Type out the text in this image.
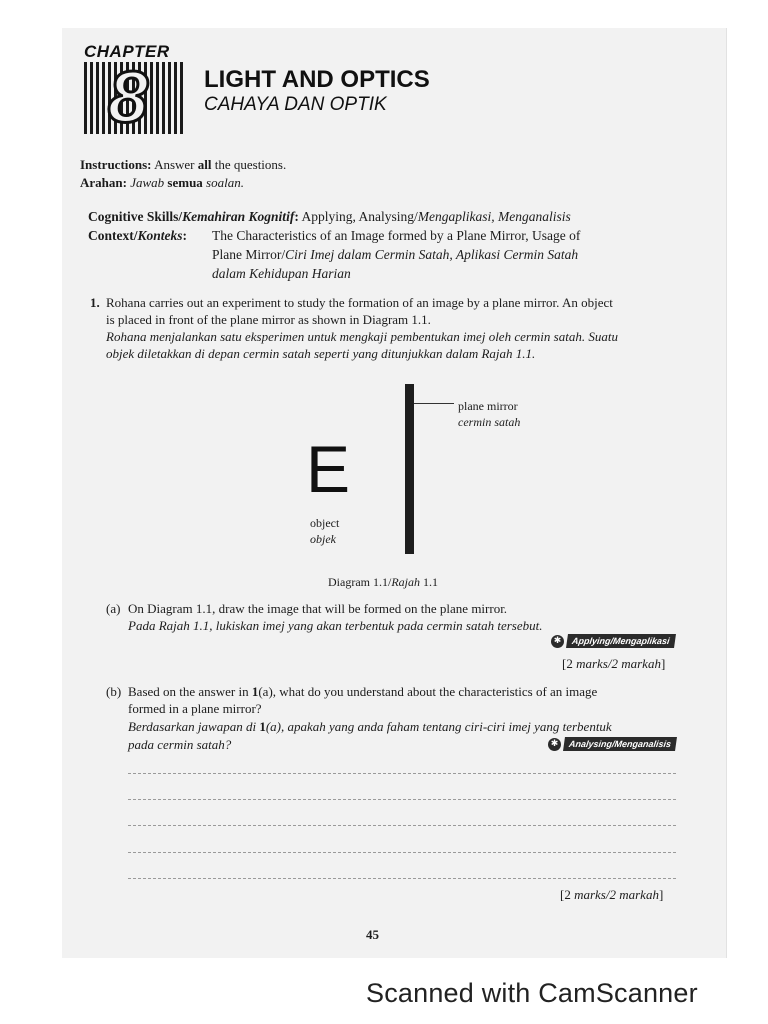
CHAPTER
8 LIGHT AND OPTICS
CAHAYA DAN OPTIK
Instructions: Answer all the questions.
Arahan: Jawab semua soalan.
Cognitive Skills/Kemahiran Kognitif: Applying, Analysing/Mengaplikasi, Menganalisis
Context/Konteks: The Characteristics of an Image formed by a Plane Mirror, Usage of
Plane Mirror/Ciri Imej dalam Cermin Satah, Aplikasi Cermin Satah
dalam Kehidupan Harian
1. Rohana carries out an experiment to study the formation of an image by a plane mirror. An object
is placed in front of the plane mirror as shown in Diagram 1.1.
Rohana menjalankan satu eksperimen untuk mengkaji pembentukan imej oleh cermin satah. Suatu
objek diletakkan di depan cermin satah seperti yang ditunjukkan dalam Rajah 1.1.
plane mirror
cermin satah
E
object
objek
Diagram 1.1/Rajah 1.1
(a) On Diagram 1.1, draw the image that will be formed on the plane mirror.
Pada Rajah 1.1, lukiskan imej yang akan terbentuk pada cermin satah tersebut.
✱	Applying/Mengaplikasi
[2 marks/2 markah]
(b) Based on the answer in 1(a), what do you understand about the characteristics of an image
formed in a plane mirror?
Berdasarkan jawapan di 1(a), apakah yang anda faham tentang ciri-ciri imej yang terbentuk
pada cermin satah?	✱	Analysing/Menganalisis
[2 marks/2 markah]
45
Scanned with CamScanner
